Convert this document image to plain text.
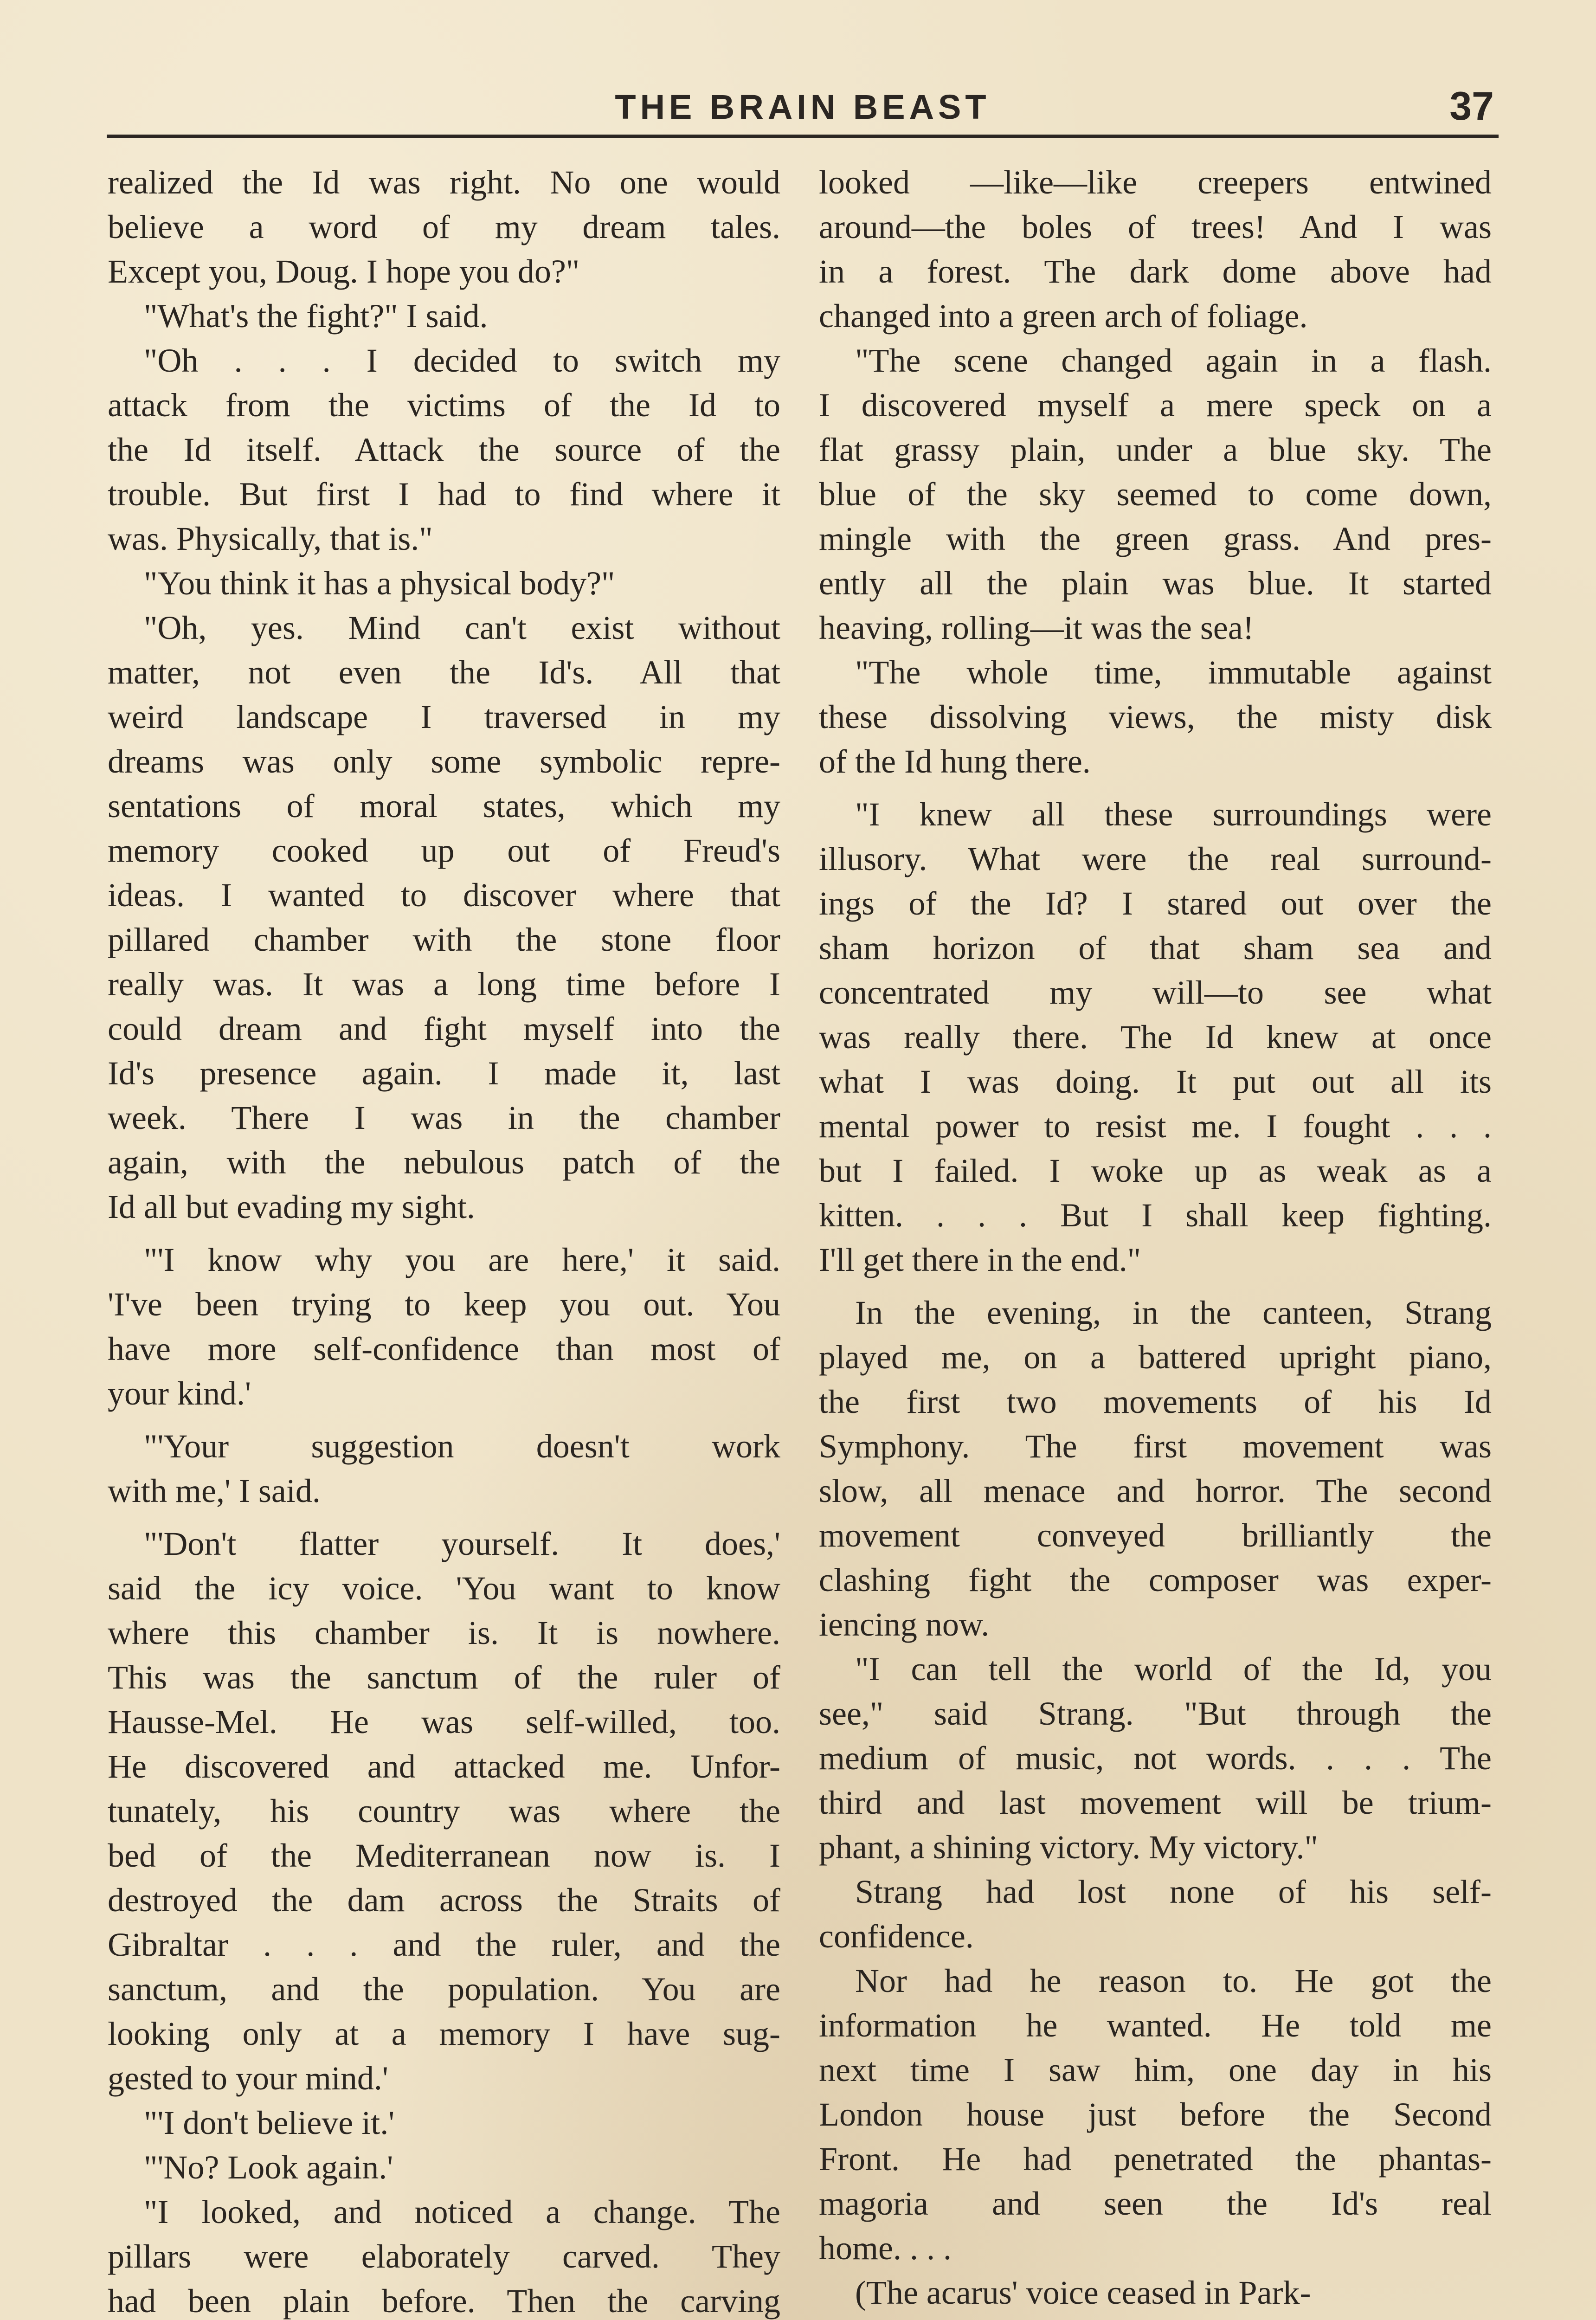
THE BRAIN BEAST	37
realized the Id was right. No one would
believe a word of my dream tales.
Except you, Doug. I hope you do?"
"What's the fight?" I said.
"Oh . . . I decided to switch my
attack from the victims of the Id to
the Id itself. Attack the source of the
trouble. But first I had to find where it
was. Physically, that is."
"You think it has a physical body?"
"Oh, yes. Mind can't exist without
matter, not even the Id's. All that
weird landscape I traversed in my
dreams was only some symbolic repre-
sentations of moral states, which my
memory cooked up out of Freud's
ideas. I wanted to discover where that
pillared chamber with the stone floor
really was. It was a long time before I
could dream and fight myself into the
Id's presence again. I made it, last
week. There I was in the chamber
again, with the nebulous patch of the
Id all but evading my sight.
"'I know why you are here,' it said.
'I've been trying to keep you out. You
have more self-confidence than most of
your kind.'
"'Your suggestion doesn't work
with me,' I said.
"'Don't flatter yourself. It does,'
said the icy voice. 'You want to know
where this chamber is. It is nowhere.
This was the sanctum of the ruler of
Hausse-Mel. He was self-willed, too.
He discovered and attacked me. Unfor-
tunately, his country was where the
bed of the Mediterranean now is. I
destroyed the dam across the Straits of
Gibraltar . . . and the ruler, and the
sanctum, and the population. You are
looking only at a memory I have sug-
gested to your mind.'
"'I don't believe it.'
"'No? Look again.'
"I looked, and noticed a change. The
pillars were elaborately carved. They
had been plain before. Then the carving
looked —like—like creepers entwined
around—the boles of trees! And I was
in a forest. The dark dome above had
changed into a green arch of foliage.
"The scene changed again in a flash.
I discovered myself a mere speck on a
flat grassy plain, under a blue sky. The
blue of the sky seemed to come down,
mingle with the green grass. And pres-
ently all the plain was blue. It started
heaving, rolling—it was the sea!
"The whole time, immutable against
these dissolving views, the misty disk
of the Id hung there.
"I knew all these surroundings were
illusory. What were the real surround-
ings of the Id? I stared out over the
sham horizon of that sham sea and
concentrated my will—to see what
was really there. The Id knew at once
what I was doing. It put out all its
mental power to resist me. I fought . . .
but I failed. I woke up as weak as a
kitten. . . . But I shall keep fighting.
I'll get there in the end."
In the evening, in the canteen, Strang
played me, on a battered upright piano,
the first two movements of his Id
Symphony. The first movement was
slow, all menace and horror. The second
movement conveyed brilliantly the
clashing fight the composer was exper-
iencing now.
"I can tell the world of the Id, you
see," said Strang. "But through the
medium of music, not words. . . . The
third and last movement will be trium-
phant, a shining victory. My victory."
Strang had lost none of his self-
confidence.
Nor had he reason to. He got the
information he wanted. He told me
next time I saw him, one day in his
London house just before the Second
Front. He had penetrated the phantas-
magoria and seen the Id's real
home. . . .
(The acarus' voice ceased in Park-
